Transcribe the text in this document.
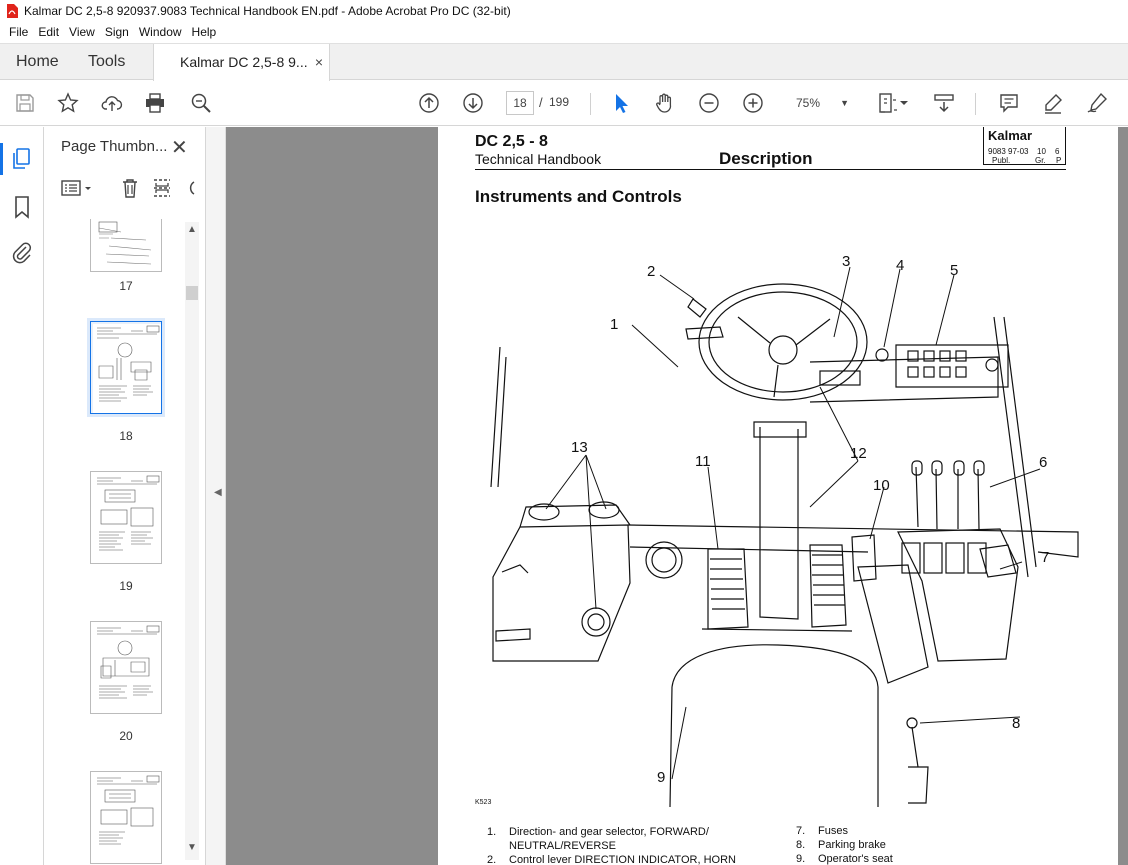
Kalmar DC 2,5-8 920937.9083 Technical Handbook EN.pdf - Adobe Acrobat Pro DC (32-bit)
File Edit View Sign Window Help
Home Tools	Kalmar DC 2,5-8 9... ×
18 / 199	75% ▼
Page Thumbn... ✕
17
18
19
20
▲
▼
◀
DC 2,5 - 8
Technical Handbook	Description
Kalmar
9083 97-03 10 6
Publ.	Gr. P
Instruments and Controls
1
2
3	4	5
6
7
8
9
10
11	12
13
K523
1. Direction- and gear selector, FORWARD/
NEUTRAL/REVERSE
2. Control lever DIRECTION INDICATOR, HORN
7. Fuses
8. Parking brake
9. Operator's seat
